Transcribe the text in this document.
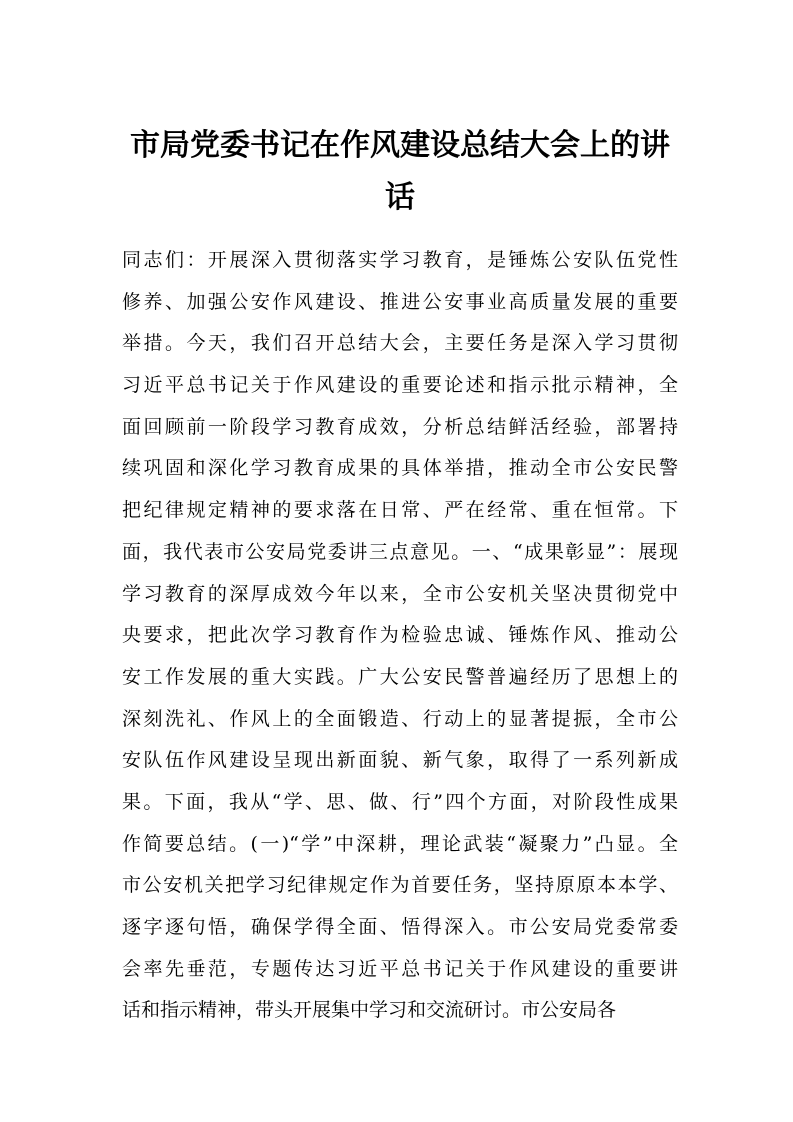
市局党委书记在作风建设总结大会上的讲
话
同志们：开展深入贯彻落实学习教育，是锤炼公安队伍党性
修养、加强公安作风建设、推进公安事业高质量发展的重要
举措。今天，我们召开总结大会，主要任务是深入学习贯彻
习近平总书记关于作风建设的重要论述和指示批示精神，全
面回顾前一阶段学习教育成效，分析总结鲜活经验，部署持
续巩固和深化学习教育成果的具体举措，推动全市公安民警
把纪律规定精神的要求落在日常、严在经常、重在恒常。下
面，我代表市公安局党委讲三点意见。一、“成果彰显”：展现
学习教育的深厚成效今年以来，全市公安机关坚决贯彻党中
央要求，把此次学习教育作为检验忠诚、锤炼作风、推动公
安工作发展的重大实践。广大公安民警普遍经历了思想上的
深刻洗礼、作风上的全面锻造、行动上的显著提振，全市公
安队伍作风建设呈现出新面貌、新气象，取得了一系列新成
果。下面，我从“学、思、做、行”四个方面，对阶段性成果
作简要总结。(一)“学”中深耕，理论武装“凝聚力”凸显。全
市公安机关把学习纪律规定作为首要任务，坚持原原本本学、
逐字逐句悟，确保学得全面、悟得深入。市公安局党委常委
会率先垂范，专题传达习近平总书记关于作风建设的重要讲
话和指示精神，带头开展集中学习和交流研讨。市公安局各
